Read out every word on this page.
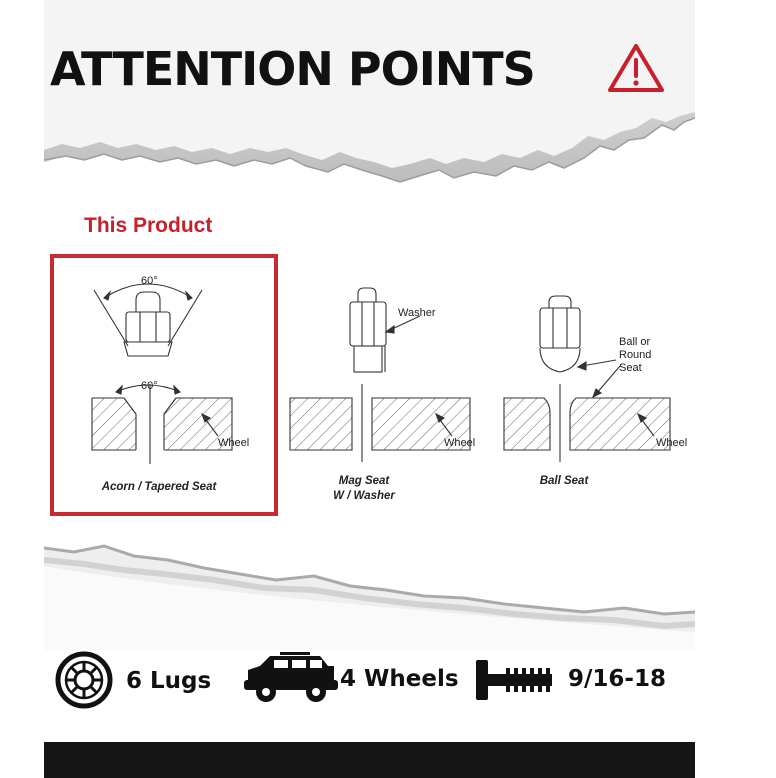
ATTENTION POINTS
This Product
60°
60°
Wheel
Washer
Wheel
Ball or
Round
Seat
Wheel
Acorn / Tapered Seat	Mag Seat
W / Washer
Ball Seat
6 Lugs	4 Wheels	9/16-18
